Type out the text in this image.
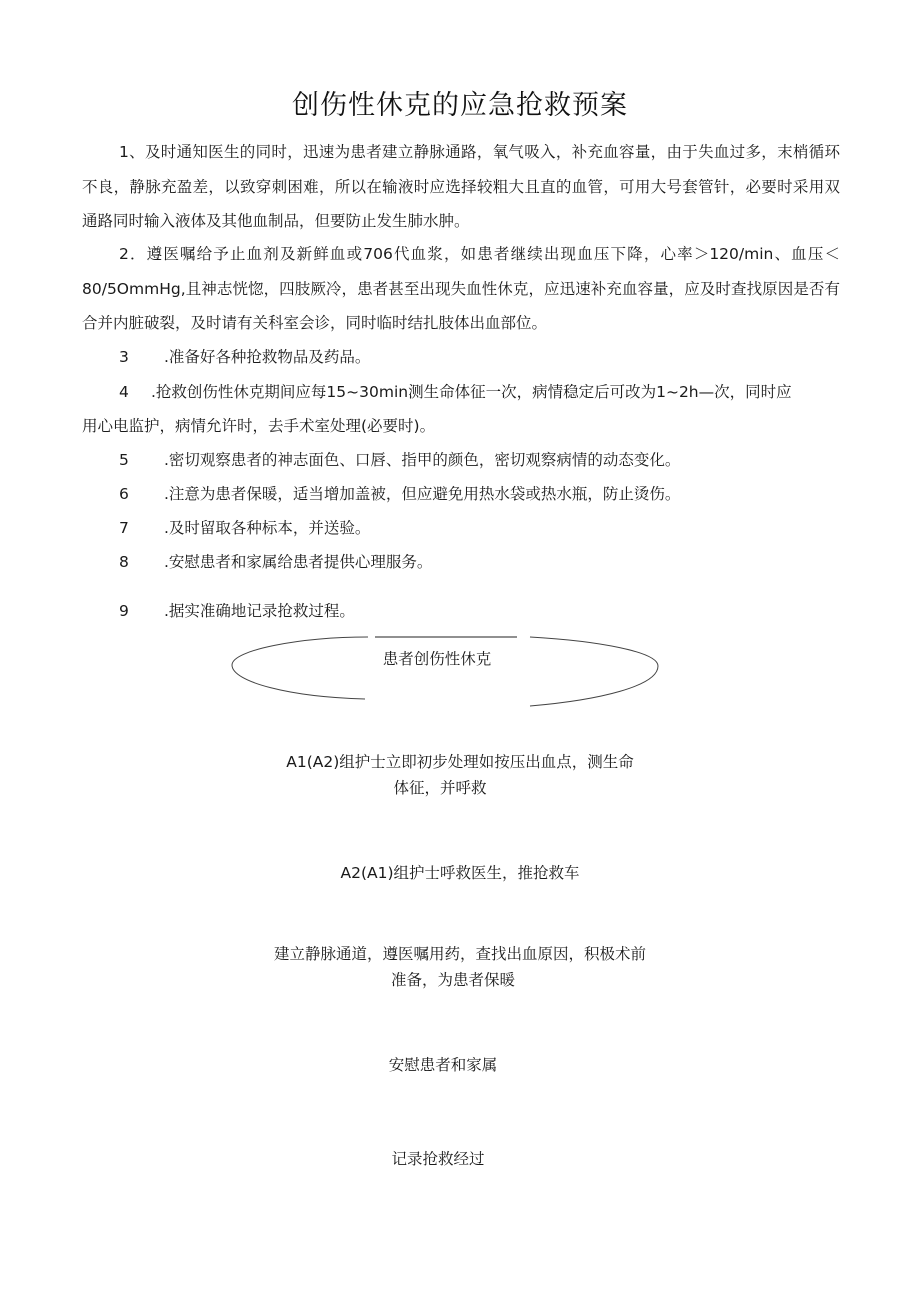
创伤性休克的应急抢救预案
1、及时通知医生的同时，迅速为患者建立静脉通路，氧气吸入，补充血容量，由于失血过多，末梢循环不良，静脉充盈差，以致穿刺困难，所以在输液时应选择较粗大且直的血管，可用大号套管针，必要时采用双通路同时输入液体及其他血制品，但要防止发生肺水肿。
2．遵医嘱给予止血剂及新鲜血或706代血浆，如患者继续出现血压下降，心率＞120/min、血压＜80/5OmmHg,且神志恍惚，四肢厥冷，患者甚至出现失血性休克，应迅速补充血容量，应及时查找原因是否有合并内脏破裂，及时请有关科室会诊，同时临时结扎肢体出血部位。
3 .准备好各种抢救物品及药品。
4 .抢救创伤性休克期间应每15~30min测生命体征一次，病情稳定后可改为1~2h—次，同时应
用心电监护，病情允许时，去手术室处理(必要时)。
5 .密切观察患者的神志面色、口唇、指甲的颜色，密切观察病情的动态变化。
6 .注意为患者保暖，适当增加盖被，但应避免用热水袋或热水瓶，防止烫伤。
7 .及时留取各种标本，并送验。
8 .安慰患者和家属给患者提供心理服务。
9 .据实准确地记录抢救过程。
患者创伤性休克
A1(A2)组护士立即初步处理如按压出血点，测生命
体征，并呼救
A2(A1)组护士呼救医生，推抢救车
建立静脉通道，遵医嘱用药，查找出血原因，积极术前
准备，为患者保暖
安慰患者和家属
记录抢救经过
